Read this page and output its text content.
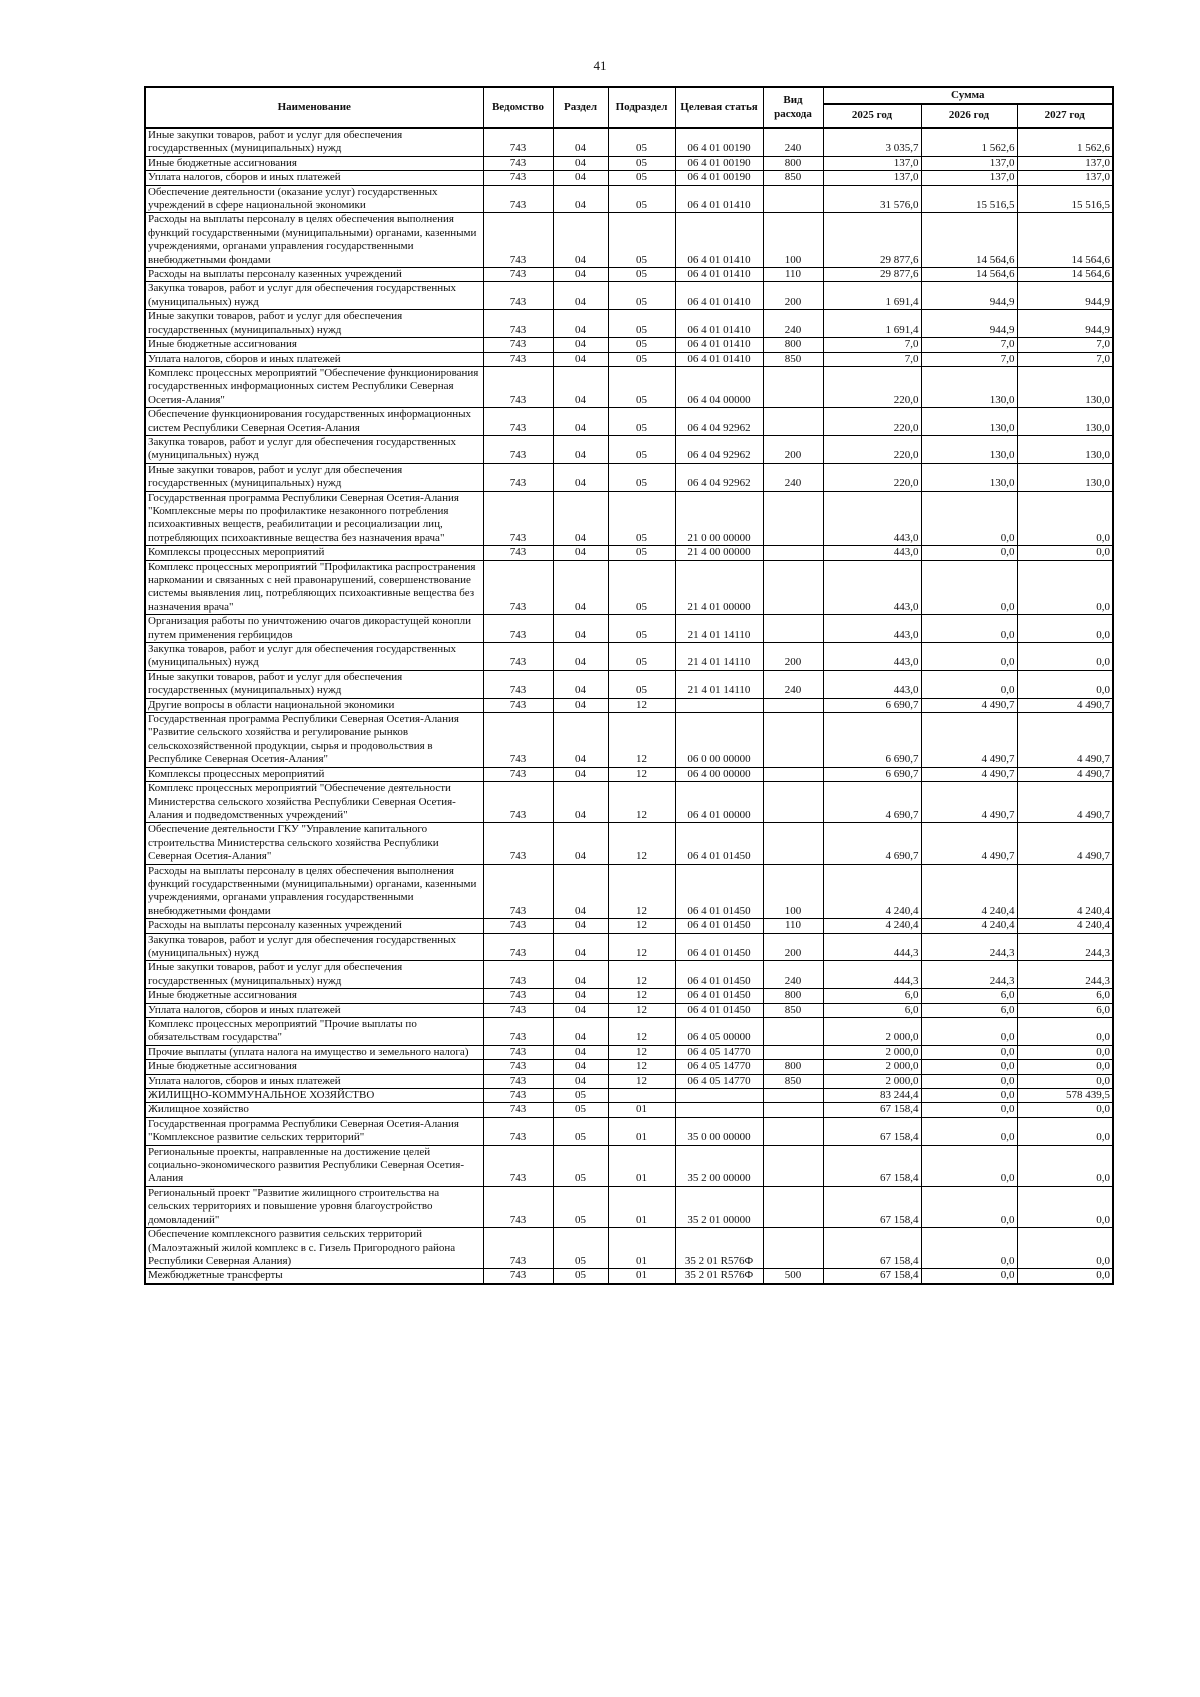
41
Наименование	Ведомство	Раздел	Подраздел	Целевая статья	Вид расхода	Сумма		
						2025 год	2026 год	2027 год
Иные закупки товаров, работ и услуг для обеспечения государственных (муниципальных) нужд	743	04	05	06 4 01 00190	240	3 035,7	1 562,6	1 562,6
Иные бюджетные ассигнования	743	04	05	06 4 01 00190	800	137,0	137,0	137,0
Уплата налогов, сборов и иных платежей	743	04	05	06 4 01 00190	850	137,0	137,0	137,0
Обеспечение деятельности (оказание услуг) государственных учреждений в сфере национальной экономики	743	04	05	06 4 01 01410		31 576,0	15 516,5	15 516,5
Расходы на выплаты персоналу в целях обеспечения выполнения функций государственными (муниципальными) органами, казенными учреждениями, органами управления государственными внебюджетными фондами	743	04	05	06 4 01 01410	100	29 877,6	14 564,6	14 564,6
Расходы на выплаты персоналу казенных учреждений	743	04	05	06 4 01 01410	110	29 877,6	14 564,6	14 564,6
Закупка товаров, работ и услуг для обеспечения государственных (муниципальных) нужд	743	04	05	06 4 01 01410	200	1 691,4	944,9	944,9
Иные закупки товаров, работ и услуг для обеспечения государственных (муниципальных) нужд	743	04	05	06 4 01 01410	240	1 691,4	944,9	944,9
Иные бюджетные ассигнования	743	04	05	06 4 01 01410	800	7,0	7,0	7,0
Уплата налогов, сборов и иных платежей	743	04	05	06 4 01 01410	850	7,0	7,0	7,0
Комплекс процессных мероприятий "Обеспечение функционирования государственных информационных систем Республики Северная Осетия-Алания"	743	04	05	06 4 04 00000		220,0	130,0	130,0
Обеспечение функционирования государственных информационных систем Республики Северная Осетия-Алания	743	04	05	06 4 04 92962		220,0	130,0	130,0
Закупка товаров, работ и услуг для обеспечения государственных (муниципальных) нужд	743	04	05	06 4 04 92962	200	220,0	130,0	130,0
Иные закупки товаров, работ и услуг для обеспечения государственных (муниципальных) нужд	743	04	05	06 4 04 92962	240	220,0	130,0	130,0
Государственная программа Республики Северная Осетия-Алания "Комплексные меры по профилактике незаконного потребления психоактивных веществ, реабилитации и ресоциализации лиц, потребляющих психоактивные вещества без назначения врача"	743	04	05	21 0 00 00000		443,0	0,0	0,0
Комплексы процессных мероприятий	743	04	05	21 4 00 00000		443,0	0,0	0,0
Комплекс процессных мероприятий "Профилактика распространения наркомании и связанных с ней правонарушений, совершенствование системы выявления лиц, потребляющих психоактивные вещества без назначения врача"	743	04	05	21 4 01 00000		443,0	0,0	0,0
Организация работы по уничтожению очагов дикорастущей конопли путем применения гербицидов	743	04	05	21 4 01 14110		443,0	0,0	0,0
Закупка товаров, работ и услуг для обеспечения государственных (муниципальных) нужд	743	04	05	21 4 01 14110	200	443,0	0,0	0,0
Иные закупки товаров, работ и услуг для обеспечения государственных (муниципальных) нужд	743	04	05	21 4 01 14110	240	443,0	0,0	0,0
Другие вопросы в области национальной экономики	743	04	12			6 690,7	4 490,7	4 490,7
Государственная программа Республики Северная Осетия-Алания "Развитие сельского хозяйства и регулирование рынков сельскохозяйственной продукции, сырья и продовольствия в Республике Северная Осетия-Алания"	743	04	12	06 0 00 00000		6 690,7	4 490,7	4 490,7
Комплексы процессных мероприятий	743	04	12	06 4 00 00000		6 690,7	4 490,7	4 490,7
Комплекс процессных мероприятий "Обеспечение деятельности Министерства сельского хозяйства Республики Северная Осетия-Алания и подведомственных учреждений"	743	04	12	06 4 01 00000		4 690,7	4 490,7	4 490,7
Обеспечение деятельности ГКУ "Управление капитального строительства Министерства сельского хозяйства Республики Северная Осетия-Алания"	743	04	12	06 4 01 01450		4 690,7	4 490,7	4 490,7
Расходы на выплаты персоналу в целях обеспечения выполнения функций государственными (муниципальными) органами, казенными учреждениями, органами управления государственными внебюджетными фондами	743	04	12	06 4 01 01450	100	4 240,4	4 240,4	4 240,4
Расходы на выплаты персоналу казенных учреждений	743	04	12	06 4 01 01450	110	4 240,4	4 240,4	4 240,4
Закупка товаров, работ и услуг для обеспечения государственных (муниципальных) нужд	743	04	12	06 4 01 01450	200	444,3	244,3	244,3
Иные закупки товаров, работ и услуг для обеспечения государственных (муниципальных) нужд	743	04	12	06 4 01 01450	240	444,3	244,3	244,3
Иные бюджетные ассигнования	743	04	12	06 4 01 01450	800	6,0	6,0	6,0
Уплата налогов, сборов и иных платежей	743	04	12	06 4 01 01450	850	6,0	6,0	6,0
Комплекс процессных мероприятий "Прочие выплаты по обязательствам государства"	743	04	12	06 4 05 00000		2 000,0	0,0	0,0
Прочие выплаты (уплата налога на имущество и земельного налога)	743	04	12	06 4 05 14770		2 000,0	0,0	0,0
Иные бюджетные ассигнования	743	04	12	06 4 05 14770	800	2 000,0	0,0	0,0
Уплата налогов, сборов и иных платежей	743	04	12	06 4 05 14770	850	2 000,0	0,0	0,0
ЖИЛИЩНО-КОММУНАЛЬНОЕ ХОЗЯЙСТВО	743	05				83 244,4	0,0	578 439,5
Жилищное хозяйство	743	05	01			67 158,4	0,0	0,0
Государственная программа Республики Северная Осетия-Алания "Комплексное развитие сельских территорий"	743	05	01	35 0 00 00000		67 158,4	0,0	0,0
Региональные проекты, направленные на достижение целей социально-экономического развития Республики Северная Осетия-Алания	743	05	01	35 2 00 00000		67 158,4	0,0	0,0
Региональный проект "Развитие жилищного строительства на сельских территориях и повышение уровня благоустройство домовладений"	743	05	01	35 2 01 00000		67 158,4	0,0	0,0
Обеспечение комплексного развития сельских территорий (Малоэтажный жилой комплекс в с. Гизель Пригородного района Республики Северная Алания)	743	05	01	35 2 01 R576Ф		67 158,4	0,0	0,0
Межбюджетные трансферты	743	05	01	35 2 01 R576Ф	500	67 158,4	0,0	0,0
